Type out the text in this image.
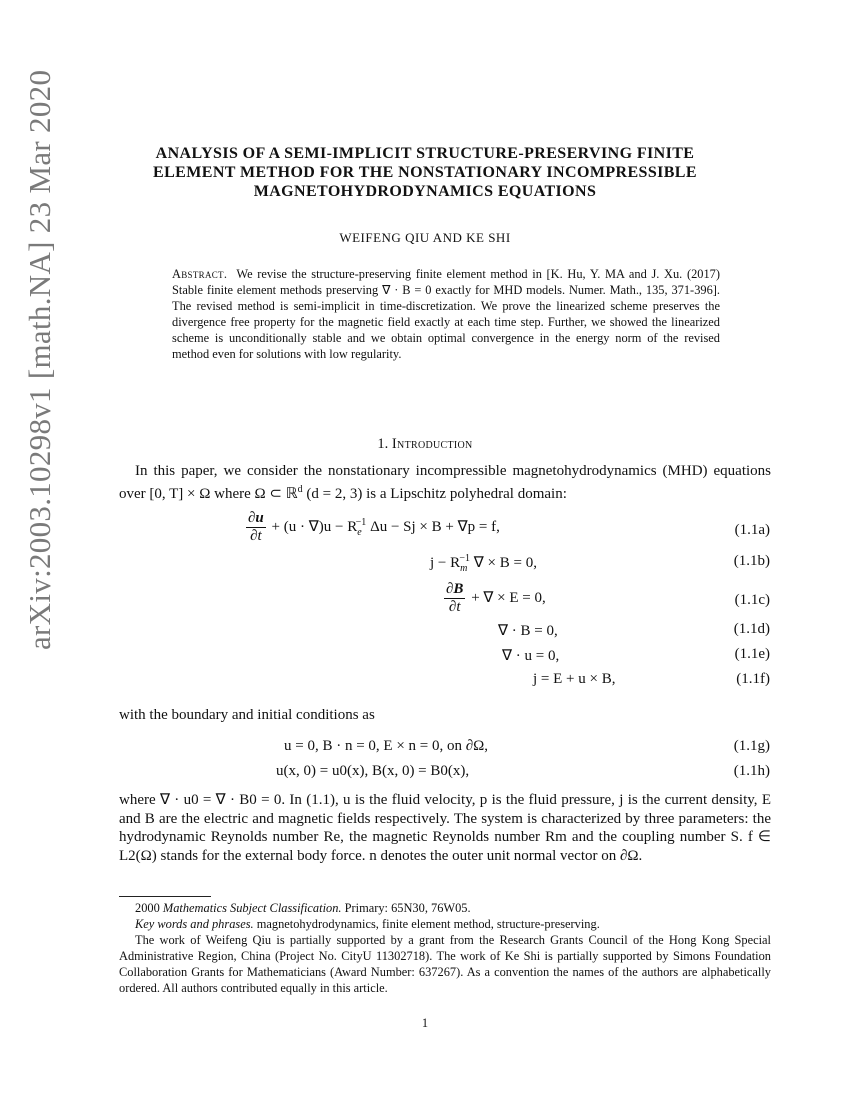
arXiv:2003.10298v1 [math.NA] 23 Mar 2020	ANALYSIS OF A SEMI-IMPLICIT STRUCTURE-PRESERVING FINITE
ELEMENT METHOD FOR THE NONSTATIONARY INCOMPRESSIBLE
MAGNETOHYDRODYNAMICS EQUATIONS
WEIFENG QIU AND KE SHI
Abstract. We revise the structure-preserving finite element method in [K. Hu, Y. MA and J. Xu. (2017) Stable finite element methods preserving ∇ · B = 0 exactly for MHD models. Numer. Math., 135, 371-396]. The revised method is semi-implicit in time-discretization. We prove the linearized scheme preserves the divergence free property for the magnetic field exactly at each time step. Further, we showed the linearized scheme is unconditionally stable and we obtain optimal convergence in the energy norm of the revised method even for solutions with low regularity.
1. Introduction
In this paper, we consider the nonstationary incompressible magnetohydrodynamics (MHD) equations over [0, T] × Ω where Ω ⊂ ℝ$^d$ (d = 2, 3) is a Lipschitz polyhedral domain:
$\frac{\partial u}{\partial t} + (u \cdot \nabla)u - R_e^{-1}$ Δu − Sj × B + ∇p = f,	(1.1a)
$j - R_m^{-1}$ ∇ × B = 0,	(1.1b)
$\frac{\partial B}{\partial t}$ + ∇ × E = 0,	(1.1c)
∇ · B = 0,	(1.1d)
∇ · u = 0,	(1.1e)
j = E + u × B,	(1.1f)
with the boundary and initial conditions as
u = 0, B · n = 0, E × n = 0, on ∂Ω,	(1.1g)
u(x, 0) = u0(x), B(x, 0) = B0(x),	(1.1h)
where ∇ · u0 = ∇ · B0 = 0. In (1.1), u is the fluid velocity, p is the fluid pressure, j is the current density, E and B are the electric and magnetic fields respectively. The system is characterized by three parameters: the hydrodynamic Reynolds number Re, the magnetic Reynolds number Rm and the coupling number S. f ∈ L2(Ω) stands for the external body force. n denotes the outer unit normal vector on ∂Ω.
2000 Mathematics Subject Classification. Primary: 65N30, 76W05.
Key words and phrases. magnetohydrodynamics, finite element method, structure-preserving.
The work of Weifeng Qiu is partially supported by a grant from the Research Grants Council of the Hong Kong Special Administrative Region, China (Project No. CityU 11302718). The work of Ke Shi is partially supported by Simons Foundation Collaboration Grants for Mathematicians (Award Number: 637267). As a convention the names of the authors are alphabetically ordered. All authors contributed equally in this article.
1
